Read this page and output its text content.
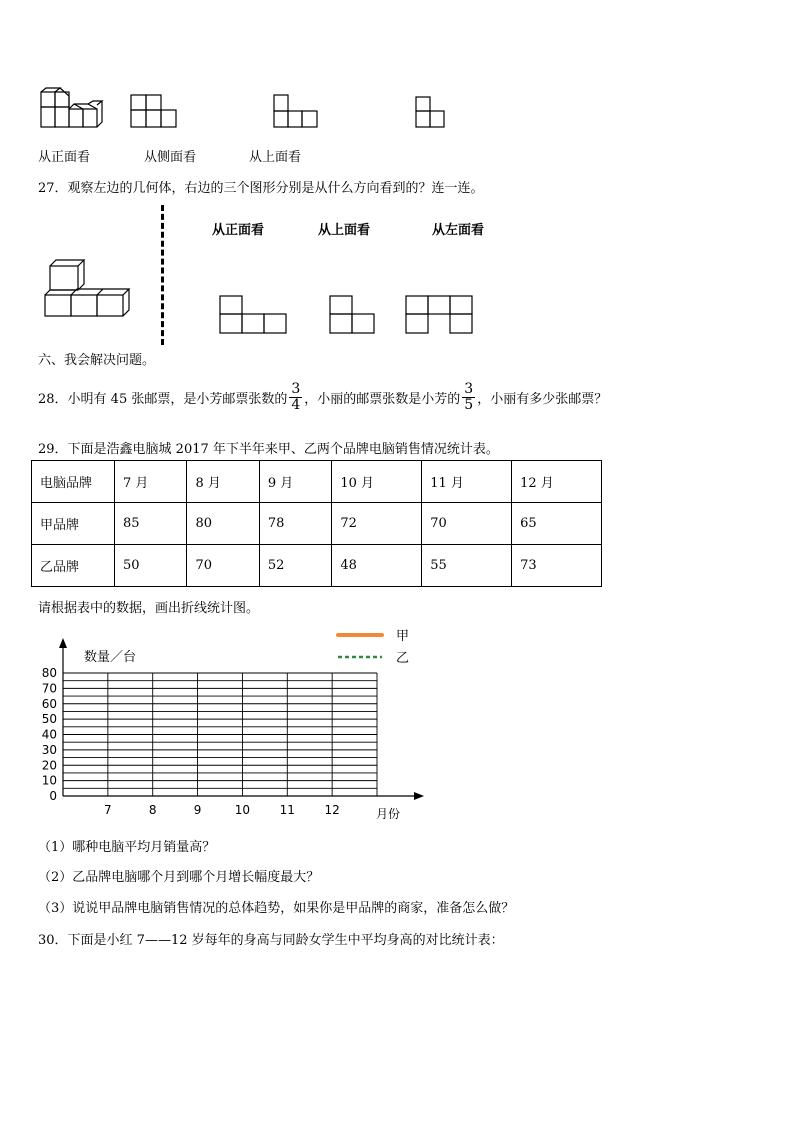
从正面看	从侧面看	从上面看
27．观察左边的几何体，右边的三个图形分别是从什么方向看到的？连一连。
从正面看	从上面看	从左面看
六、我会解决问题。
28．小明有 45 张邮票，是小芳邮票张数的 $\frac{3}{4}$ ，小丽的邮票张数是小芳的 $\frac{3}{5}$ ，小丽有多少张邮票？
29．下面是浩鑫电脑城 2017 年下半年来甲、乙两个品牌电脑销售情况统计表。
电脑品牌	7 月	8 月	9 月	10 月	11 月	12 月
甲品牌	85	80	78	72	70	65
乙品牌	50	70	52	48	55	73
请根据表中的数据，画出折线统计图。
0
10
20
30
40
50
60
70
80
7	8	9	10 11 12
数量／台
月份
甲
乙
（1）哪种电脑平均月销量高？
（2）乙品牌电脑哪个月到哪个月增长幅度最大？
（3）说说甲品牌电脑销售情况的总体趋势，如果你是甲品牌的商家，准备怎么做？
30．下面是小红 7——12 岁每年的身高与同龄女学生中平均身高的对比统计表：
